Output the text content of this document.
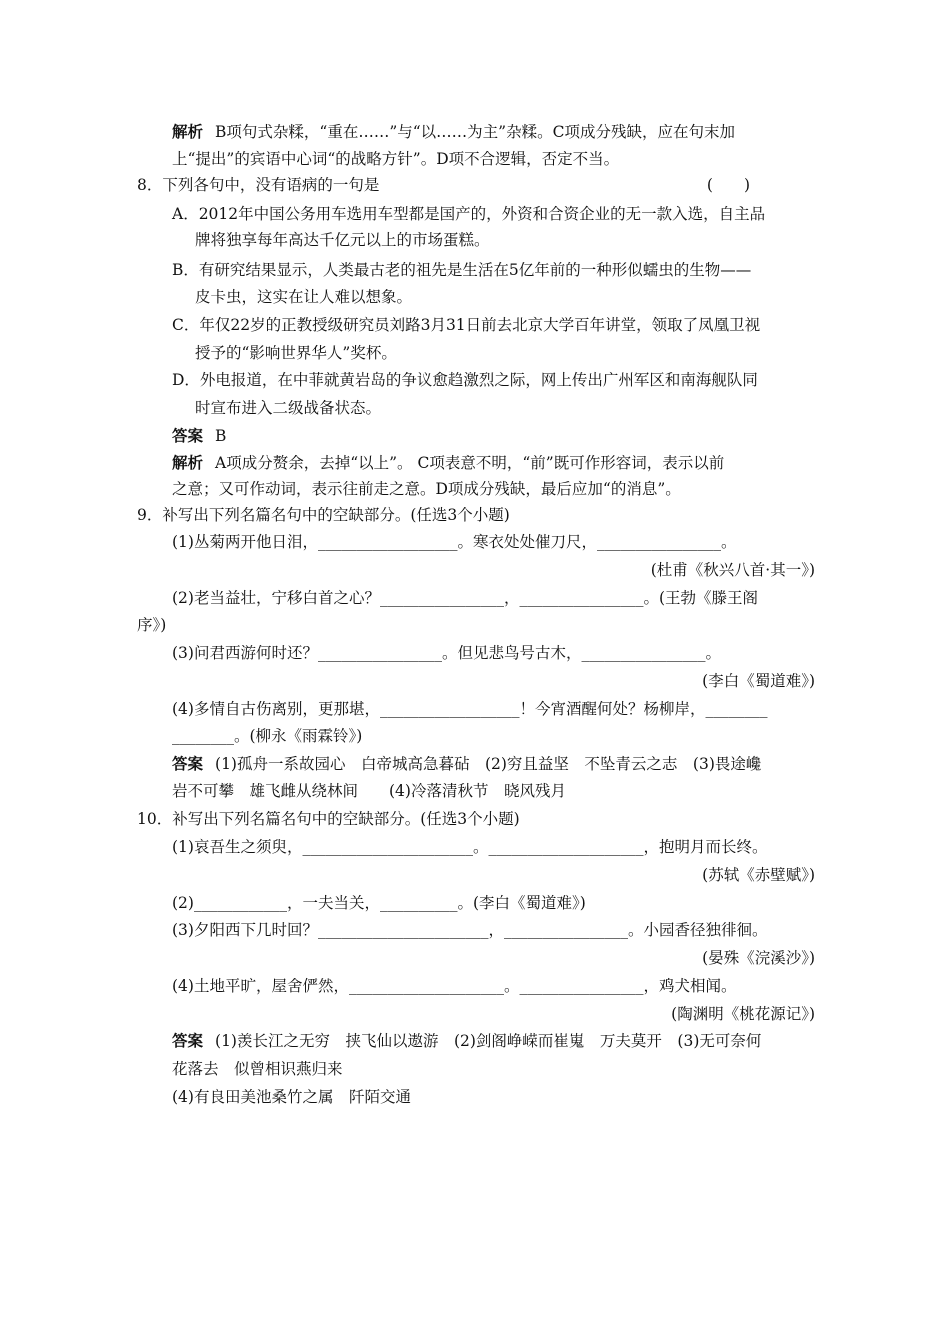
解析 B项句式杂糅，“重在……”与“以……为主”杂糅。C项成分残缺，应在句末加
上“提出”的宾语中心词“的战略方针”。D项不合逻辑，否定不当。
8．下列各句中，没有语病的一句是	(　　)
A．2012年中国公务用车选用车型都是国产的，外资和合资企业的无一款入选，自主品
牌将独享每年高达千亿元以上的市场蛋糕。
B．有研究结果显示，人类最古老的祖先是生活在5亿年前的一种形似蠕虫的生物——
皮卡虫，这实在让人难以想象。
C．年仅22岁的正教授级研究员刘路3月31日前去北京大学百年讲堂，领取了凤凰卫视
授予的“影响世界华人”奖杯。
D．外电报道，在中菲就黄岩岛的争议愈趋激烈之际，网上传出广州军区和南海舰队同
时宣布进入二级战备状态。
答案 B
解析 A项成分赘余，去掉“以上”。 C项表意不明，“前”既可作形容词，表示以前
之意；又可作动词，表示往前走之意。D项成分残缺，最后应加“的消息”。
9．补写出下列名篇名句中的空缺部分。(任选3个小题)
(1)丛菊两开他日泪，__________________。寒衣处处催刀尺，________________。
(杜甫《秋兴八首·其一》)
(2)老当益壮，宁移白首之心？________________，________________。(王勃《滕王阁
序》)
(3)问君西游何时还？________________。但见悲鸟号古木，________________。
(李白《蜀道难》)
(4)多情自古伤离别，更那堪，__________________！今宵酒醒何处？杨柳岸，________
________。(柳永《雨霖铃》)
答案 (1)孤舟一系故园心　白帝城高急暮砧　(2)穷且益坚　不坠青云之志　(3)畏途巉
岩不可攀　雄飞雌从绕林间　　(4)冷落清秋节　晓风残月
10．补写出下列名篇名句中的空缺部分。(任选3个小题)
(1)哀吾生之须臾，______________________。____________________，抱明月而长终。
(苏轼《赤壁赋》)
(2)____________，一夫当关，__________。(李白《蜀道难》)
(3)夕阳西下几时回？______________________，________________。小园香径独徘徊。
(晏殊《浣溪沙》)
(4)土地平旷，屋舍俨然，____________________。________________，鸡犬相闻。
(陶渊明《桃花源记》)
答案 (1)羡长江之无穷　挟飞仙以遨游　(2)剑阁峥嵘而崔嵬　万夫莫开　(3)无可奈何
花落去　似曾相识燕归来
(4)有良田美池桑竹之属　阡陌交通
